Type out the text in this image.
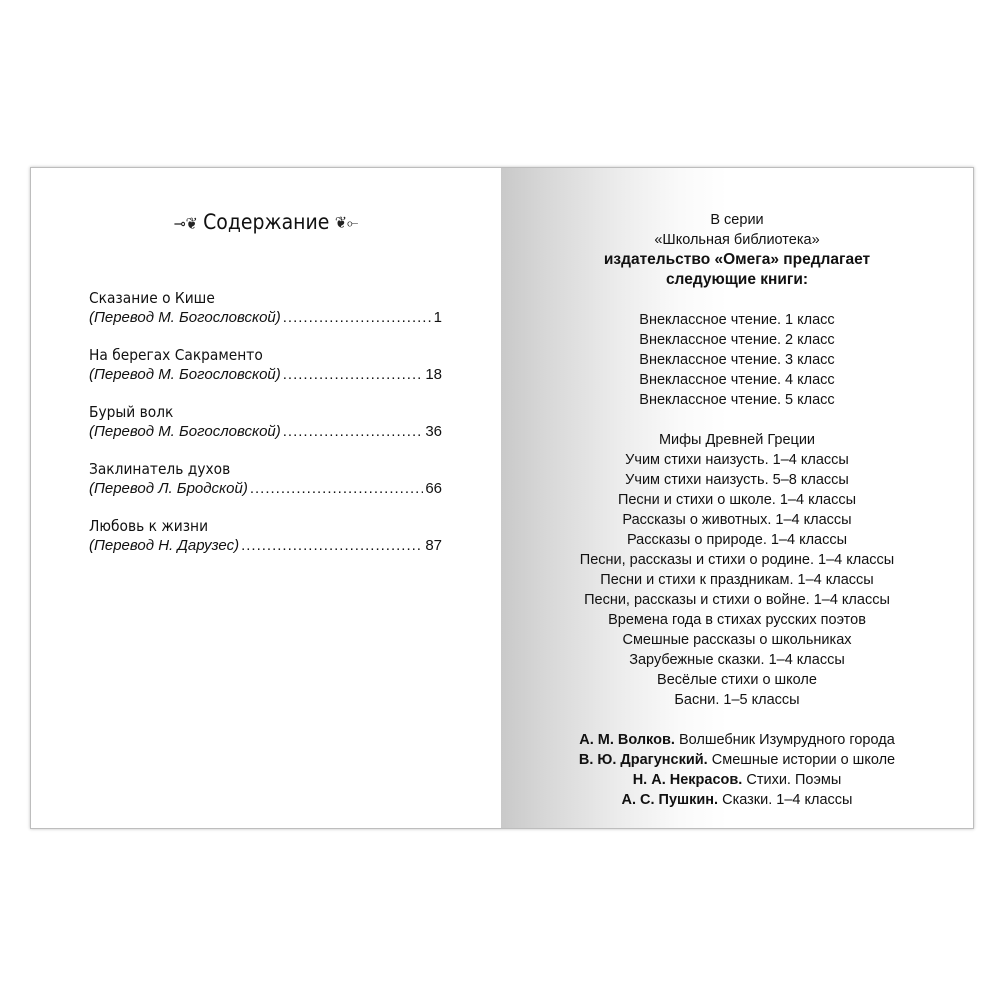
⊸❦ Содержание ❦⟜
Сказание о Кише
(Перевод М. Богословской) .....	1
На берегах Сакраменто
(Перевод М. Богословской) .....	18
Бурый волк
(Перевод М. Богословской) .....	36
Заклинатель духов
(Перевод Л. Бродской) .....	66
Любовь к жизни
(Перевод Н. Дарузес) .....	87
В серии
«Школьная библиотека»
издательство «Омега» предлагает
следующие книги:
Внеклассное чтение. 1 класс
Внеклассное чтение. 2 класс
Внеклассное чтение. 3 класс
Внеклассное чтение. 4 класс
Внеклассное чтение. 5 класс
Мифы Древней Греции
Учим стихи наизусть. 1–4 классы
Учим стихи наизусть. 5–8 классы
Песни и стихи о школе. 1–4 классы
Рассказы о животных. 1–4 классы
Рассказы о природе. 1–4 классы
Песни, рассказы и стихи о родине. 1–4 классы
Песни и стихи к праздникам. 1–4 классы
Песни, рассказы и стихи о войне. 1–4 классы
Времена года в стихах русских поэтов
Смешные рассказы о школьниках
Зарубежные сказки. 1–4 классы
Весёлые стихи о школе
Басни. 1–5 классы
А. М. Волков. Волшебник Изумрудного города
В. Ю. Драгунский. Смешные истории о школе
Н. А. Некрасов. Стихи. Поэмы
А. С. Пушкин. Сказки. 1–4 классы
